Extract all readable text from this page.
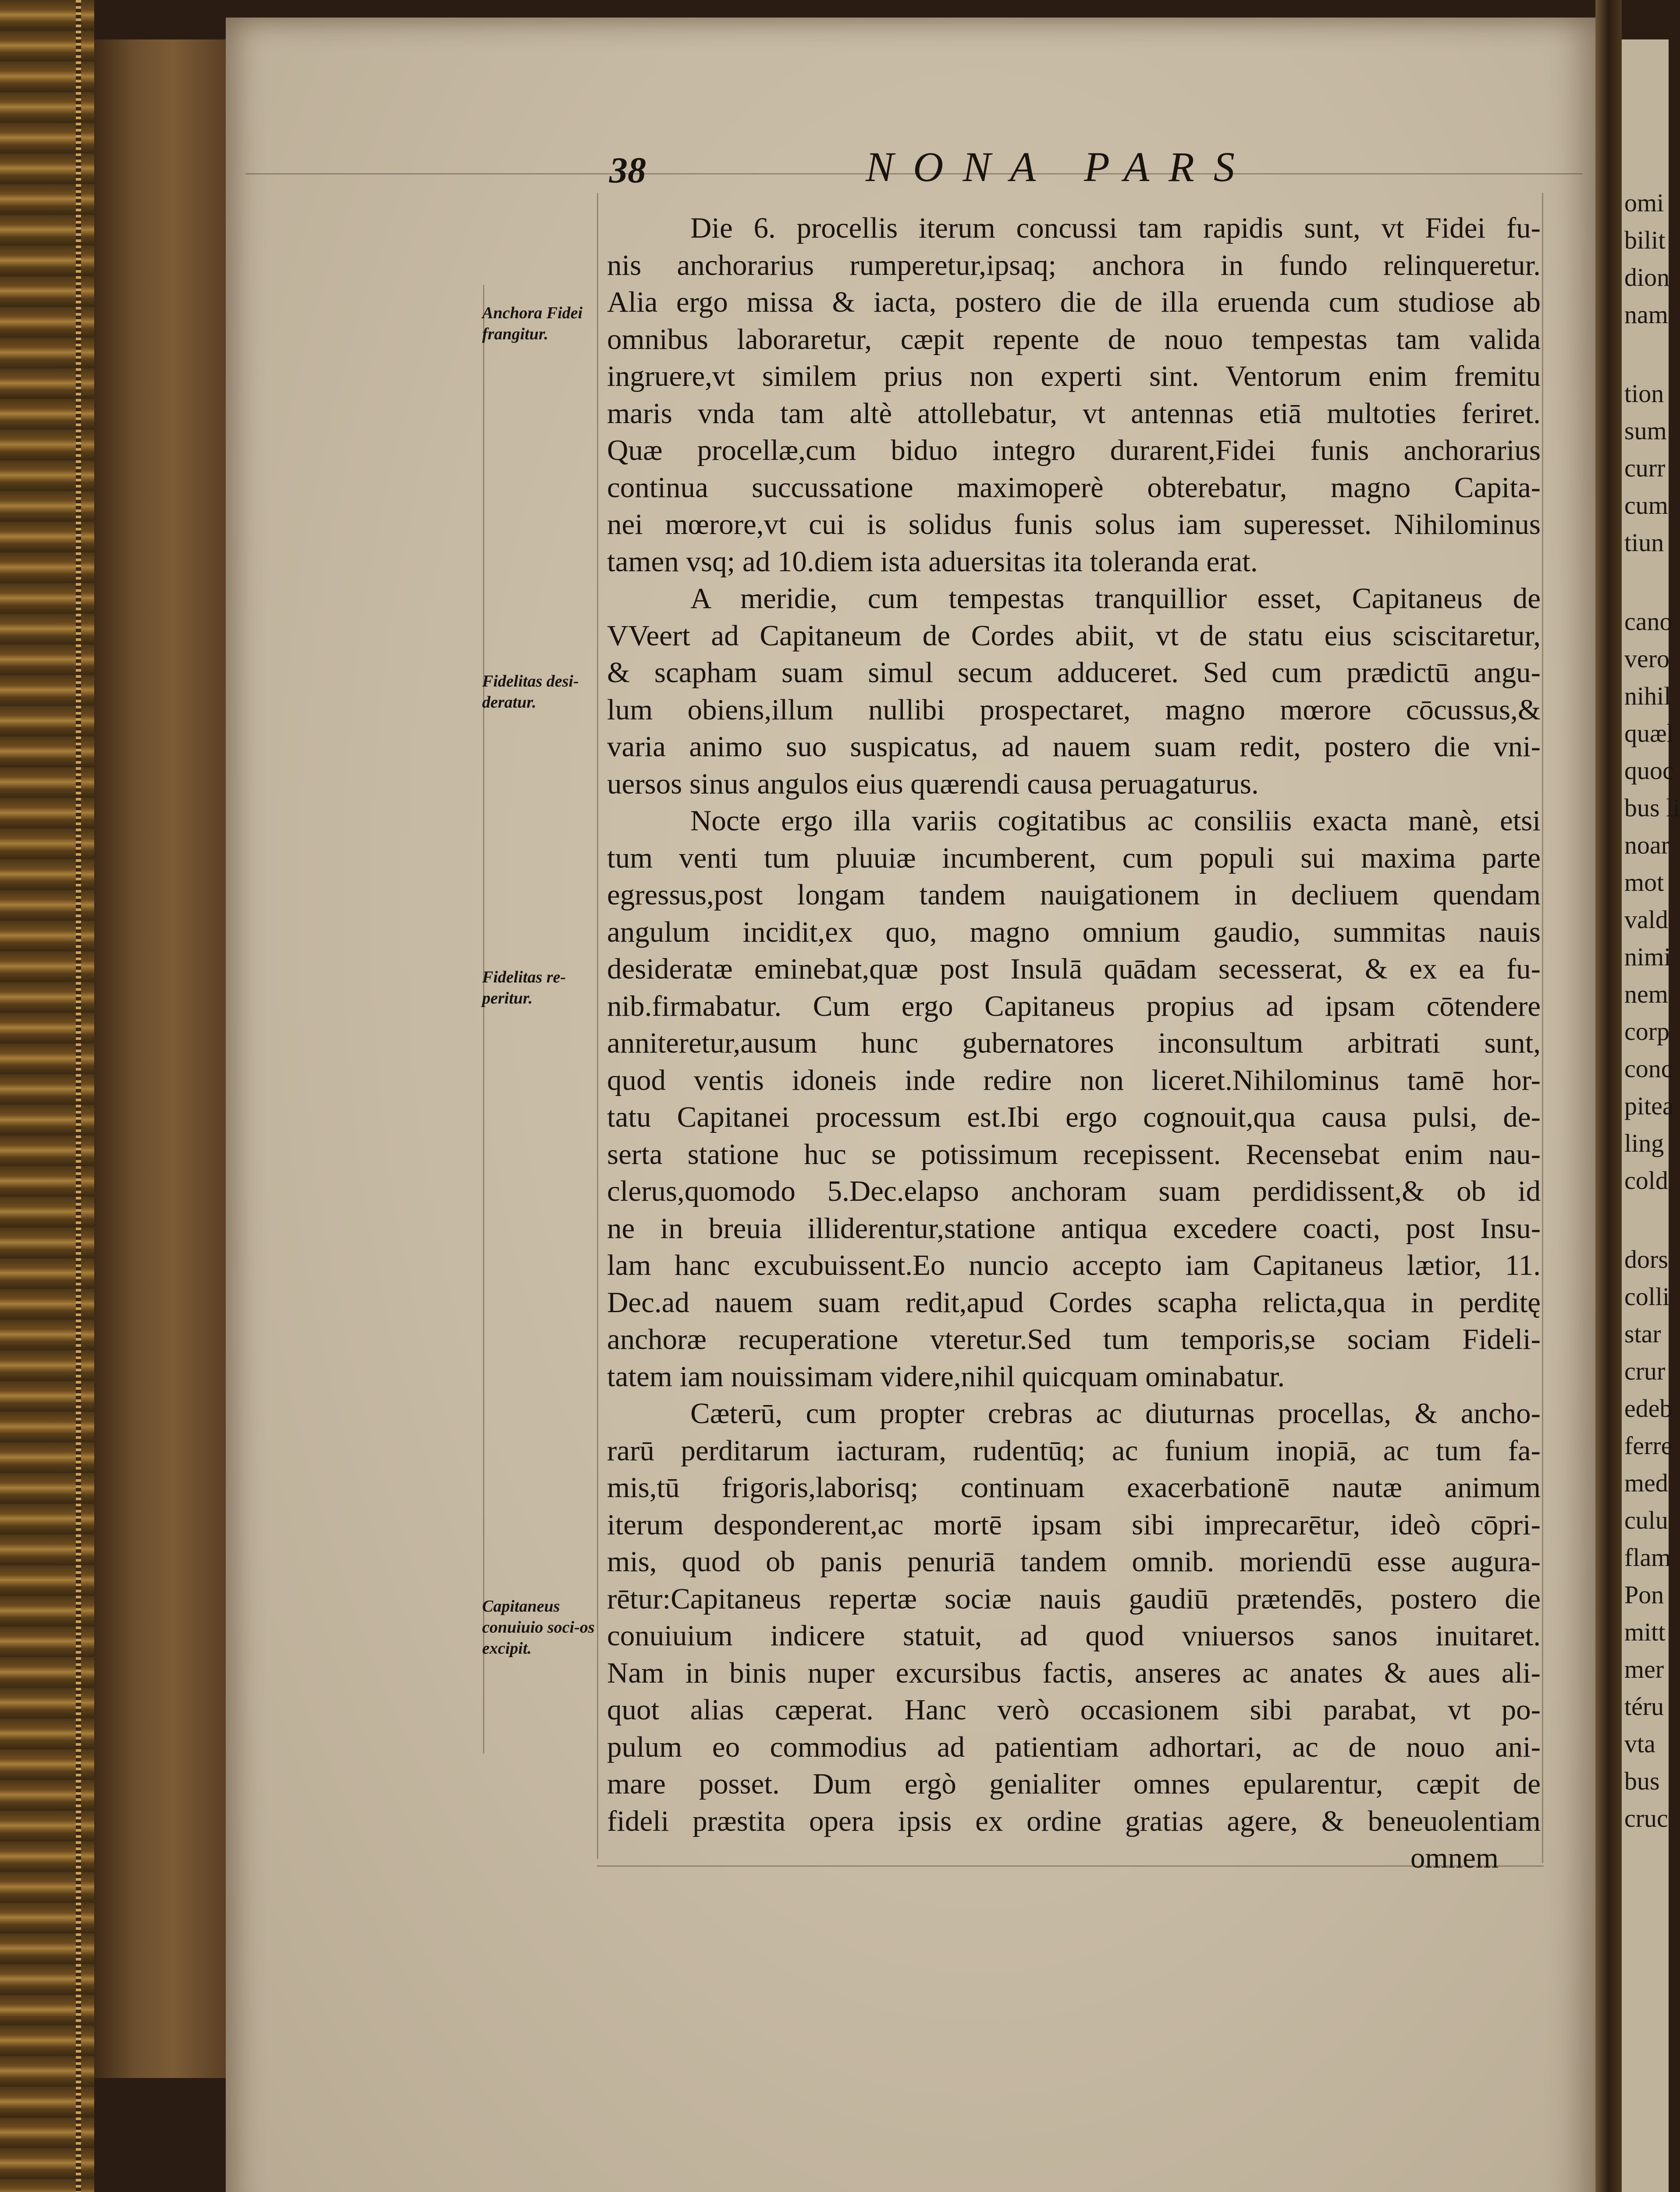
omi
bilit
dion
nam
tion
sum
curr
cum
tiun
cano
vero
nihil
quæl
quoc
bus li
noar
mot
vald
nimi
nem
corp
conc
pitea
ling
cold
dors
colli
star
crur
edeb
ferre
med
culu
flam
Pon
mitt
mer
téru
vta
bus
cruc
38	NONA PARS
Anchora Fidei frangitur.
Fidelitas desi-deratur.
Fidelitas re-peritur.
Capitaneus conuiuio soci-os excipit.
Die 6. procellis iterum concussi tam rapidis sunt, vt Fidei fu-
nis anchorarius rumperetur,ipsaq; anchora in fundo relinqueretur.
Alia ergo missa & iacta, postero die de illa eruenda cum studiose ab
omnibus laboraretur, cæpit repente de nouo tempestas tam valida
ingruere,vt similem prius non experti sint. Ventorum enim fremitu
maris vnda tam altè attollebatur, vt antennas etiā multoties feriret.
Quæ procellæ,cum biduo integro durarent,Fidei funis anchorarius
continua succussatione maximoperè obterebatur, magno Capita-
nei mœrore,vt cui is solidus funis solus iam superesset. Nihilominus
tamen vsq; ad 10.diem ista aduersitas ita toleranda erat.
A meridie, cum tempestas tranquillior esset, Capitaneus de
VVeert ad Capitaneum de Cordes abiit, vt de statu eius sciscitaretur,
& scapham suam simul secum adduceret. Sed cum prædictū angu-
lum obiens,illum nullibi prospectaret, magno mœrore cōcussus,&
varia animo suo suspicatus, ad nauem suam redit, postero die vni-
uersos sinus angulos eius quærendi causa peruagaturus.
Nocte ergo illa variis cogitatibus ac consiliis exacta manè, etsi
tum venti tum pluuiæ incumberent, cum populi sui maxima parte
egressus,post longam tandem nauigationem in decliuem quendam
angulum incidit,ex quo, magno omnium gaudio, summitas nauis
desideratæ eminebat,quæ post Insulā quādam secesserat, & ex ea fu-
nib.firmabatur. Cum ergo Capitaneus propius ad ipsam cōtendere
anniteretur,ausum hunc gubernatores inconsultum arbitrati sunt,
quod ventis idoneis inde redire non liceret.Nihilominus tamē hor-
tatu Capitanei processum est.Ibi ergo cognouit,qua causa pulsi, de-
serta statione huc se potissimum recepissent. Recensebat enim nau-
clerus,quomodo 5.Dec.elapso anchoram suam perdidissent,& ob id
ne in breuia illiderentur,statione antiqua excedere coacti, post Insu-
lam hanc excubuissent.Eo nuncio accepto iam Capitaneus lætior, 11.
Dec.ad nauem suam redit,apud Cordes scapha relicta,qua in perditę
anchoræ recuperatione vteretur.Sed tum temporis,se sociam Fideli-
tatem iam nouissimam videre,nihil quicquam ominabatur.
Cæterū, cum propter crebras ac diuturnas procellas, & ancho-
rarū perditarum iacturam, rudentūq; ac funium inopiā, ac tum fa-
mis,tū frigoris,laborisq; continuam exacerbationē nautæ animum
iterum desponderent,ac mortē ipsam sibi imprecarētur, ideò cōpri-
mis, quod ob panis penuriā tandem omnib. moriendū esse augura-
rētur:Capitaneus repertæ sociæ nauis gaudiū prætendēs, postero die
conuiuium indicere statuit, ad quod vniuersos sanos inuitaret.
Nam in binis nuper excursibus factis, anseres ac anates & aues ali-
quot alias cæperat. Hanc verò occasionem sibi parabat, vt po-
pulum eo commodius ad patientiam adhortari, ac de nouo ani-
mare posset. Dum ergò genialiter omnes epularentur, cæpit de
fideli præstita opera ipsis ex ordine gratias agere, & beneuolentiam
omnem
